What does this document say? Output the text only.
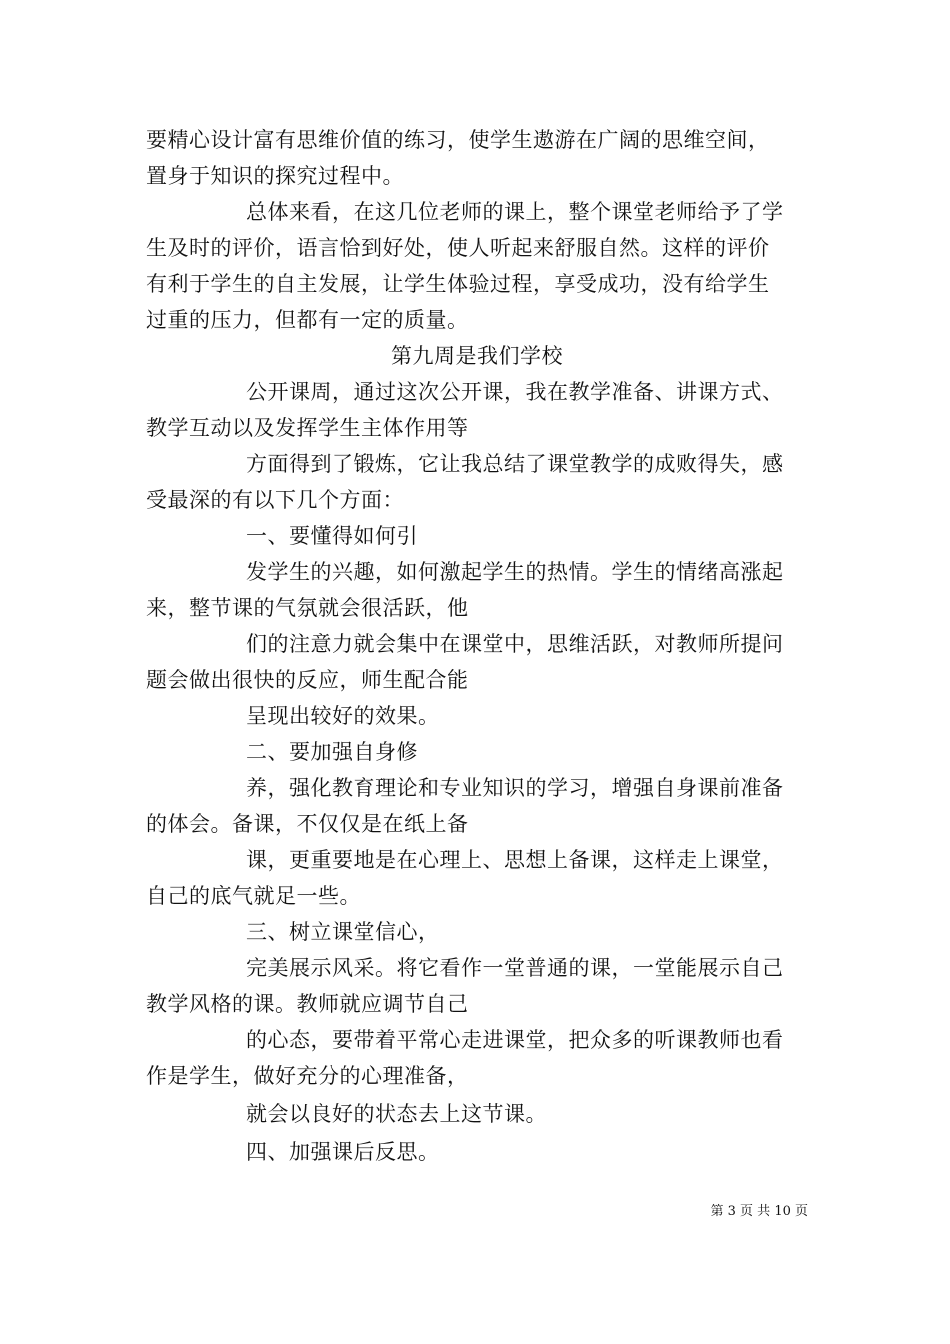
要精心设计富有思维价值的练习，使学生遨游在广阔的思维空间，
置身于知识的探究过程中。
总体来看，在这几位老师的课上，整个课堂老师给予了学
生及时的评价，语言恰到好处，使人听起来舒服自然。这样的评价
有利于学生的自主发展，让学生体验过程，享受成功，没有给学生
过重的压力，但都有一定的质量。
第九周是我们学校
公开课周，通过这次公开课，我在教学准备、讲课方式、
教学互动以及发挥学生主体作用等
方面得到了锻炼，它让我总结了课堂教学的成败得失，感
受最深的有以下几个方面：
一、要懂得如何引
发学生的兴趣，如何激起学生的热情。学生的情绪高涨起
来，整节课的气氛就会很活跃，他
们的注意力就会集中在课堂中，思维活跃，对教师所提问
题会做出很快的反应，师生配合能
呈现出较好的效果。
二、要加强自身修
养，强化教育理论和专业知识的学习，增强自身课前准备
的体会。备课，不仅仅是在纸上备
课，更重要地是在心理上、思想上备课，这样走上课堂，
自己的底气就足一些。
三、树立课堂信心，
完美展示风采。将它看作一堂普通的课，一堂能展示自己
教学风格的课。教师就应调节自己
的心态，要带着平常心走进课堂，把众多的听课教师也看
作是学生，做好充分的心理准备，
就会以良好的状态去上这节课。
四、加强课后反思。
第 3 页 共 10 页
